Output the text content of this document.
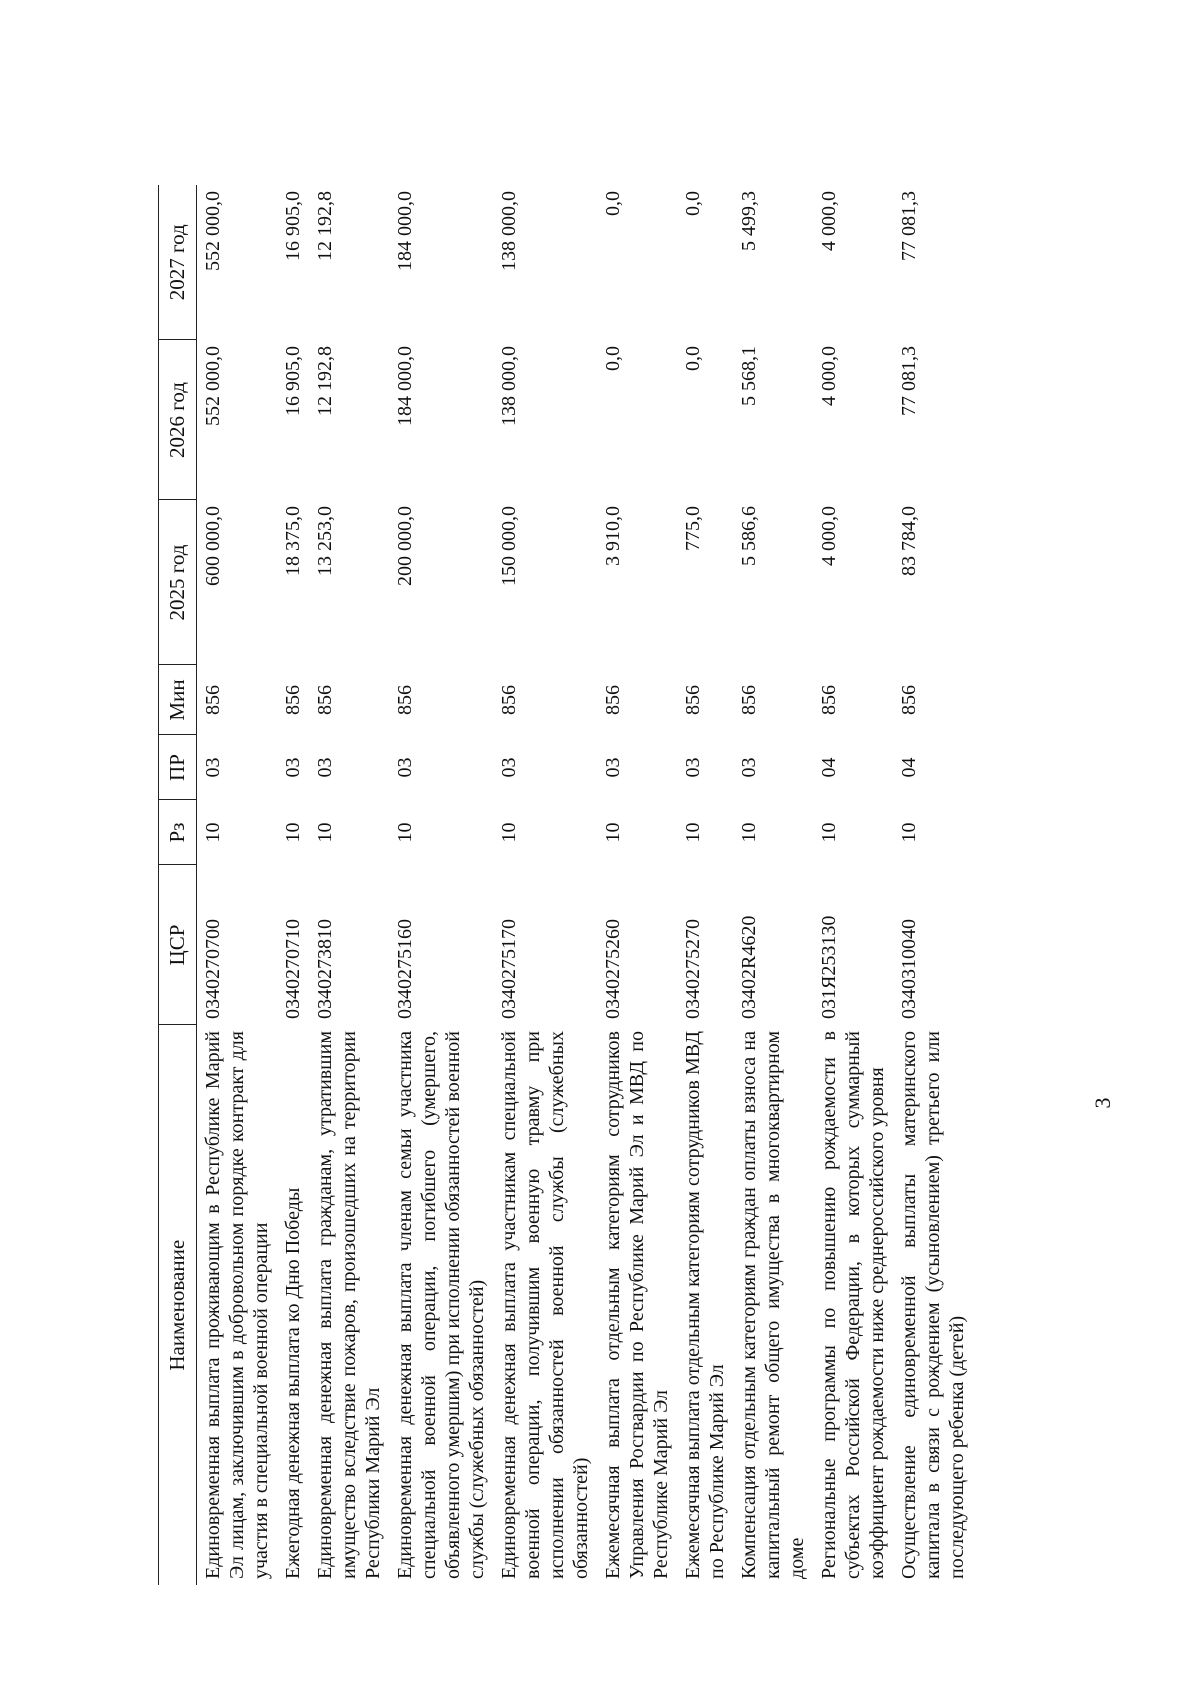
3
Наименование	ЦСР	Рз	ПР	Мин	2025 год	2026 год	2027 год
Единовременная выплата проживающим в Республике Марий Эл лицам, заключившим в добровольном порядке контракт для участия в специальной военной операции	0340270700	10	03	856	600 000,0	552 000,0	552 000,0

Ежегодная денежная выплата ко Дню Победы	0340270710	10	03	856	18 375,0	16 905,0	16 905,0

Единовременная денежная выплата гражданам, утратившим имущество вследствие пожаров, произошедших на территории Республики Марий Эл	0340273810	10	03	856	13 253,0	12 192,8	12 192,8

Единовременная денежная выплата членам семьи участника специальной военной операции, погибшего (умершего, объявленного умершим) при исполнении обязанностей военной службы (служебных обязанностей)	0340275160	10	03	856	200 000,0	184 000,0	184 000,0

Единовременная денежная выплата участникам специальной военной операции, получившим военную травму при исполнении обязанностей военной службы (служебных обязанностей)	0340275170	10	03	856	150 000,0	138 000,0	138 000,0

Ежемесячная выплата отдельным категориям сотрудников Управления Росгвардии по Республике Марий Эл и МВД по Республике Марий Эл	0340275260	10	03	856	3 910,0	0,0	0,0

Ежемесячная выплата отдельным категориям сотрудников МВД по Республике Марий Эл	0340275270	10	03	856	775,0	0,0	0,0

Компенсация отдельным категориям граждан оплаты взноса на капитальный ремонт общего имущества в многоквартирном доме	03402R4620	10	03	856	5 586,6	5 568,1	5 499,3

Региональные программы по повышению рождаемости в субъектах Российской Федерации, в которых суммарный коэффициент рождаемости ниже среднероссийского уровня	031Я253130	10	04	856	4 000,0	4 000,0	4 000,0

Осуществление единовременной выплаты материнского капитала в связи с рождением (усыновлением) третьего или последующего ребенка (детей)	0340310040	10	04	856	83 784,0	77 081,3	77 081,3
